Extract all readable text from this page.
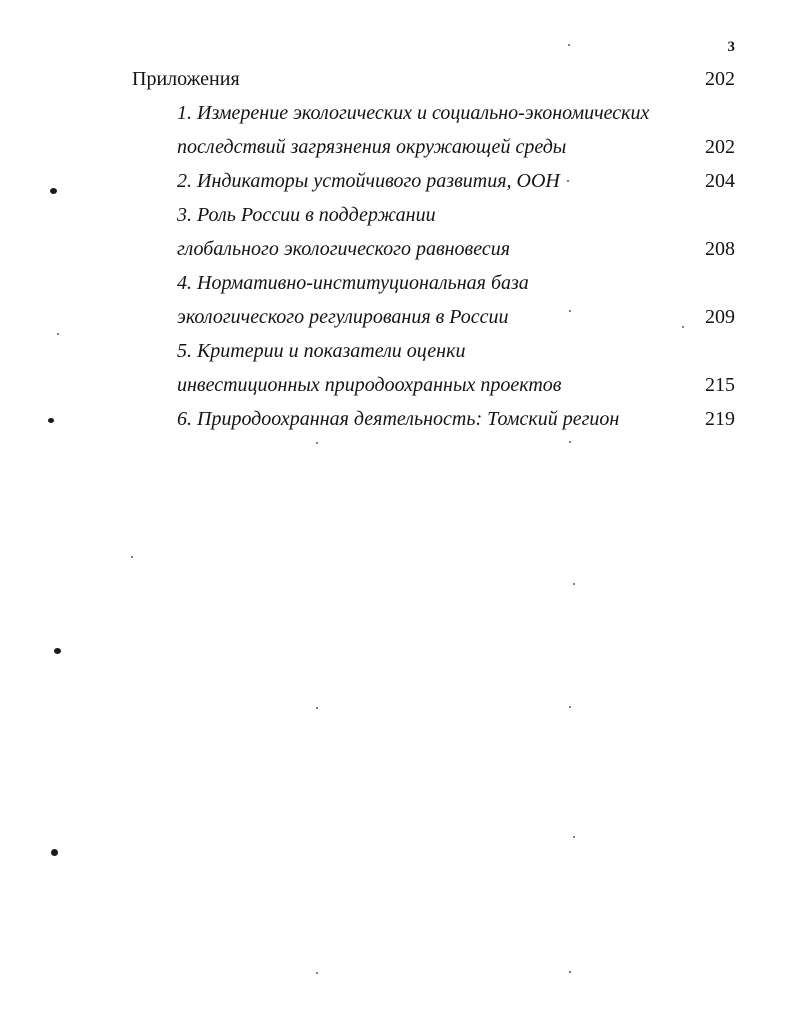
3
Приложения	202
1. Измерение экологических и социально-экономических
последствий загрязнения окружающей среды	202
2. Индикаторы устойчивого развития, ООН	204
3. Роль России в поддержании
глобального экологического равновесия	208
4. Нормативно-институциональная база
экологического регулирования в России	209
5. Критерии и показатели оценки
инвестиционных природоохранных проектов	215
6. Природоохранная деятельность: Томский регион	219
